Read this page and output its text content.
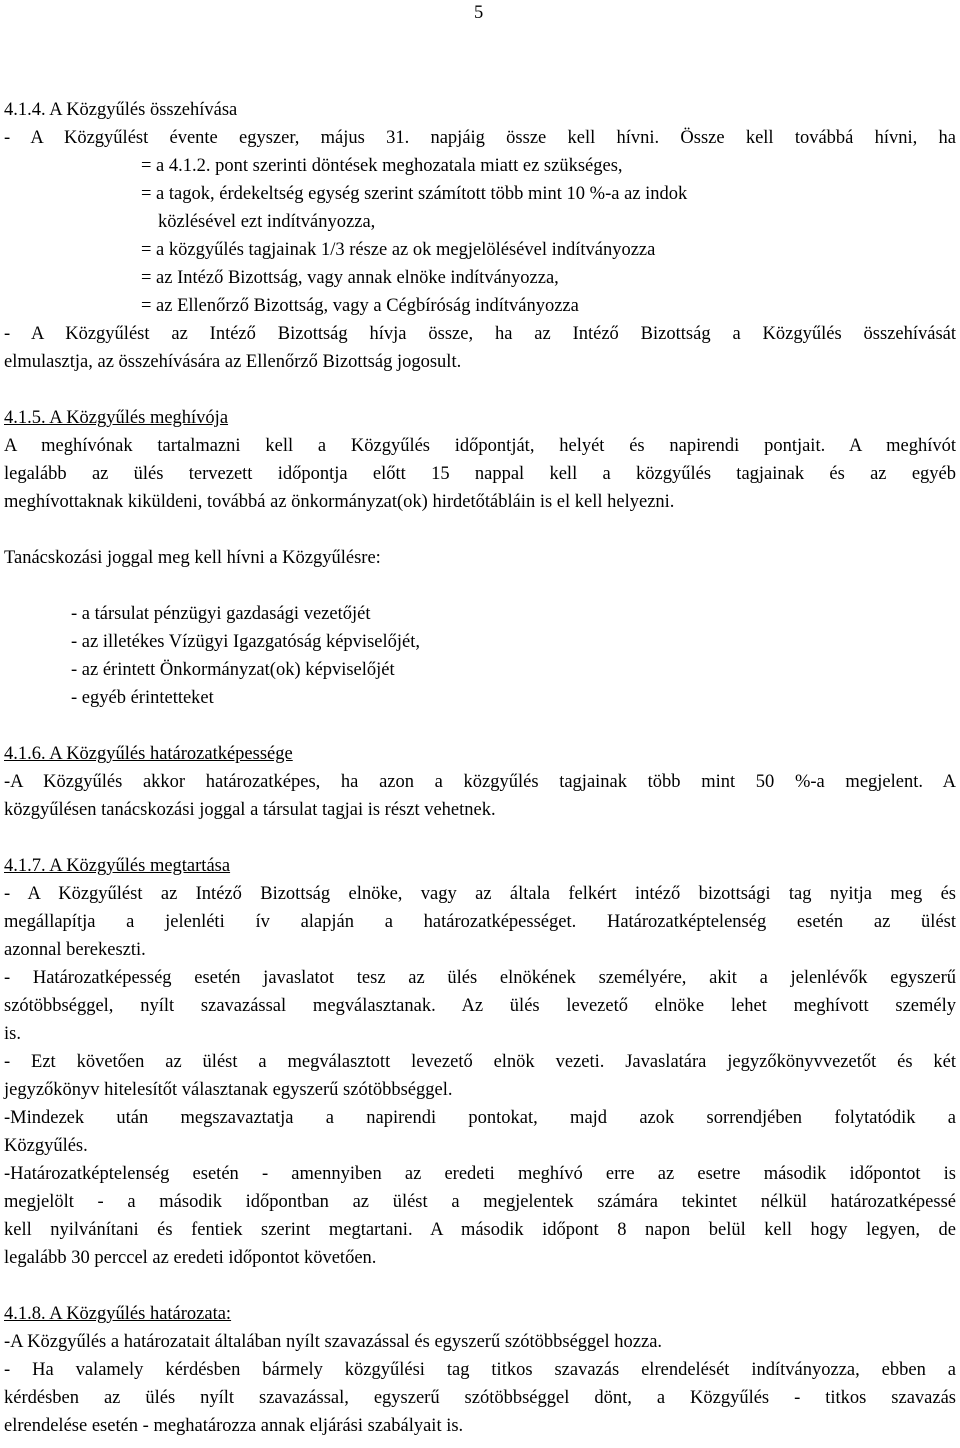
5
4.1.4. A Közgyűlés összehívása
- A Közgyűlést évente egyszer, május 31. napjáig össze kell hívni. Össze kell továbbá hívni, ha
= a 4.1.2. pont szerinti döntések meghozatala miatt ez szükséges,
= a tagok, érdekeltség egység szerint számított több mint 10 %-a az indok
közlésével ezt indítványozza,
= a közgyűlés tagjainak 1/3 része az ok megjelölésével indítványozza
= az Intéző Bizottság, vagy annak elnöke indítványozza,
= az Ellenőrző Bizottság, vagy a Cégbíróság indítványozza
- A Közgyűlést az Intéző Bizottság hívja össze, ha az Intéző Bizottság a Közgyűlés összehívását
elmulasztja, az összehívására az Ellenőrző Bizottság jogosult.
4.1.5. A Közgyűlés meghívója
A meghívónak tartalmazni kell a Közgyűlés időpontját, helyét és napirendi pontjait. A meghívót
legalább az ülés tervezett időpontja előtt 15 nappal kell a közgyűlés tagjainak és az egyéb
meghívottaknak kiküldeni, továbbá az önkormányzat(ok) hirdetőtábláin is el kell helyezni.
Tanácskozási joggal meg kell hívni a Közgyűlésre:
- a társulat pénzügyi gazdasági vezetőjét
- az illetékes Vízügyi Igazgatóság képviselőjét,
- az érintett Önkormányzat(ok) képviselőjét
- egyéb érintetteket
4.1.6. A Közgyűlés határozatképessége
-A Közgyűlés akkor határozatképes, ha azon a közgyűlés tagjainak több mint 50 %-a megjelent. A
közgyűlésen tanácskozási joggal a társulat tagjai is részt vehetnek.
4.1.7. A Közgyűlés megtartása
- A Közgyűlést az Intéző Bizottság elnöke, vagy az általa felkért intéző bizottsági tag nyitja meg és
megállapítja a jelenléti ív alapján a határozatképességet. Határozatképtelenség esetén az ülést
azonnal berekeszti.
- Határozatképesség esetén javaslatot tesz az ülés elnökének személyére, akit a jelenlévők egyszerű
szótöbbséggel, nyílt szavazással megválasztanak. Az ülés levezető elnöke lehet meghívott személy
is.
- Ezt követően az ülést a megválasztott levezető elnök vezeti. Javaslatára jegyzőkönyvvezetőt és két
jegyzőkönyv hitelesítőt választanak egyszerű szótöbbséggel.
-Mindezek után megszavaztatja a napirendi pontokat, majd azok sorrendjében folytatódik a
Közgyűlés.
-Határozatképtelenség esetén - amennyiben az eredeti meghívó erre az esetre második időpontot is
megjelölt - a második időpontban az ülést a megjelentek számára tekintet nélkül határozatképessé
kell nyilvánítani és fentiek szerint megtartani. A második időpont 8 napon belül kell hogy legyen, de
legalább 30 perccel az eredeti időpontot követően.
4.1.8. A Közgyűlés határozata:
-A Közgyűlés a határozatait általában nyílt szavazással és egyszerű szótöbbséggel hozza.
- Ha valamely kérdésben bármely közgyűlési tag titkos szavazás elrendelését indítványozza, ebben a
kérdésben az ülés nyílt szavazással, egyszerű szótöbbséggel dönt, a Közgyűlés - titkos szavazás
elrendelése esetén - meghatározza annak eljárási szabályait is.
